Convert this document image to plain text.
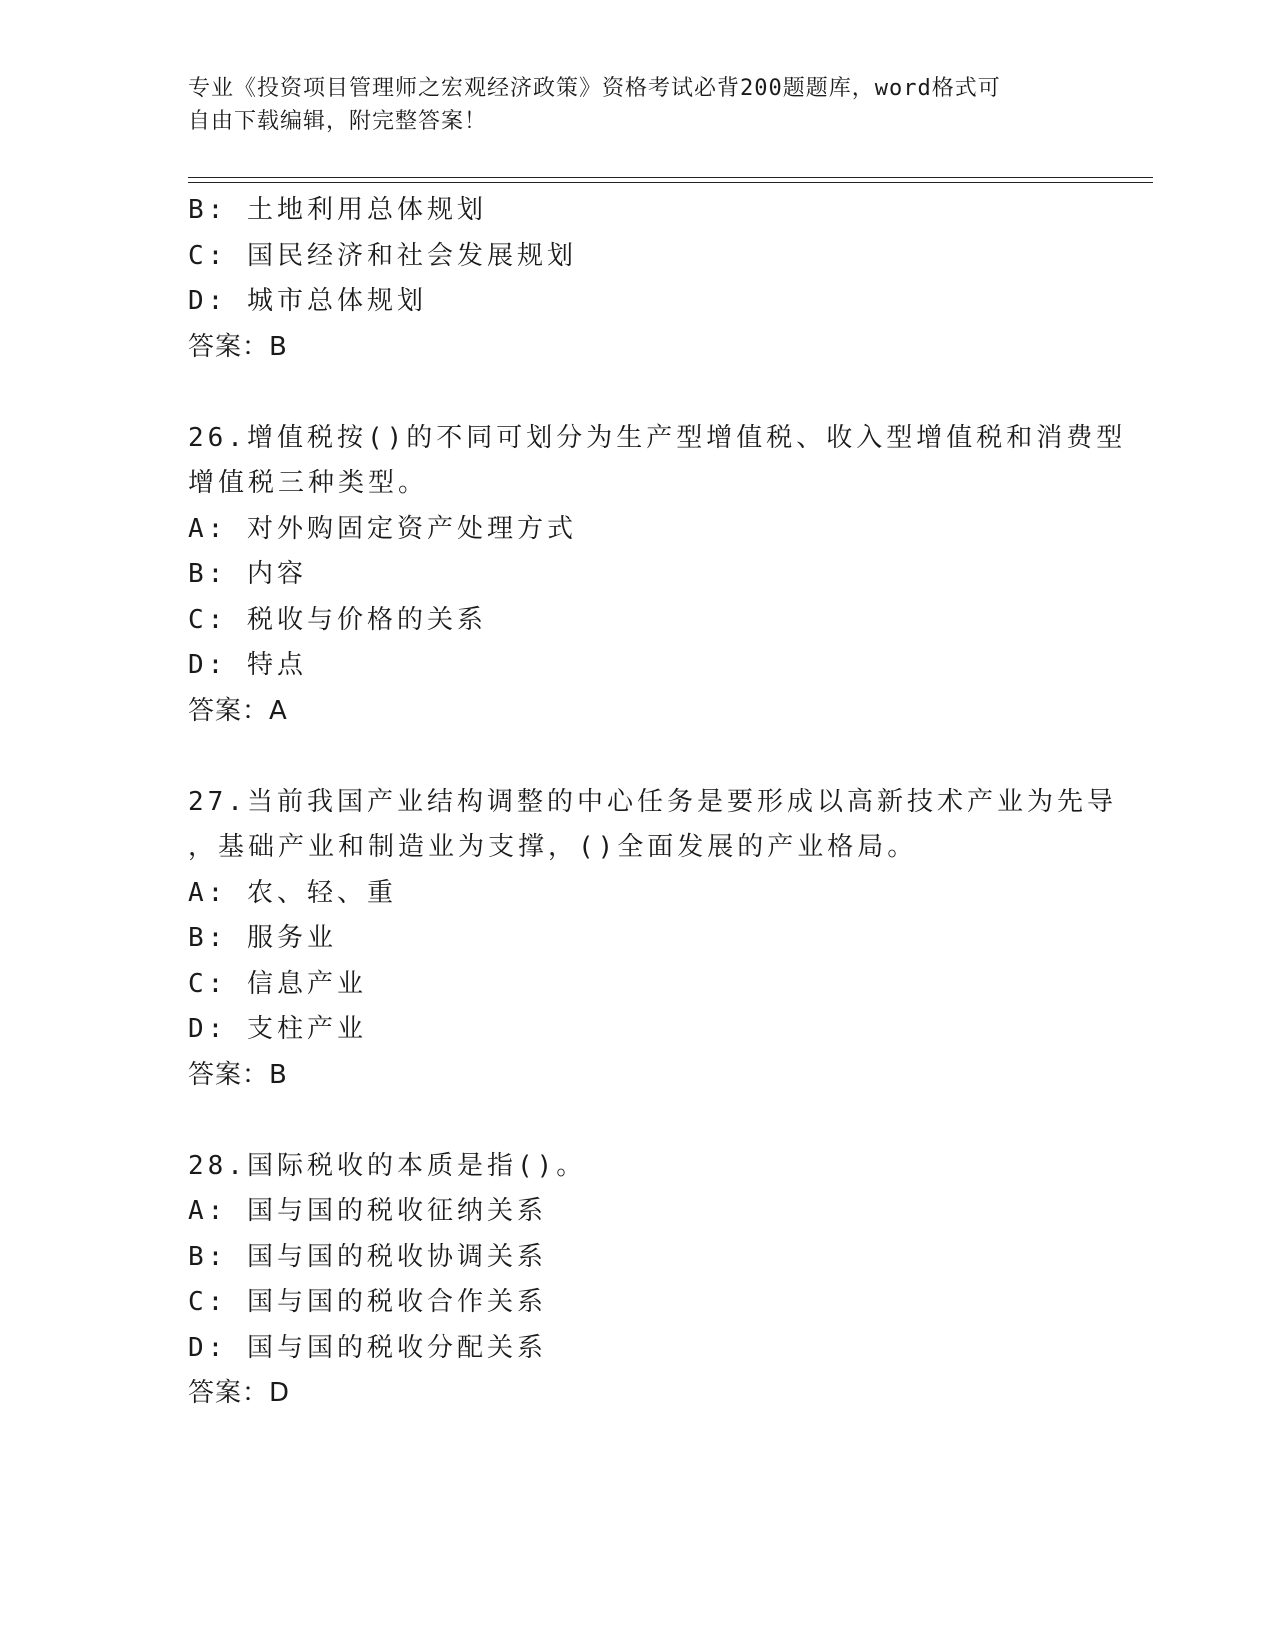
专业《投资项目管理师之宏观经济政策》资格考试必背200题题库，word格式可
自由下载编辑，附完整答案！
B: 土地利用总体规划
C: 国民经济和社会发展规划
D: 城市总体规划
答案：B
26.增值税按()的不同可划分为生产型增值税、收入型增值税和消费型
增值税三种类型。
A: 对外购固定资产处理方式
B: 内容
C: 税收与价格的关系
D: 特点
答案：A
27.当前我国产业结构调整的中心任务是要形成以高新技术产业为先导
，基础产业和制造业为支撑，()全面发展的产业格局。
A: 农、轻、重
B: 服务业
C: 信息产业
D: 支柱产业
答案：B
28.国际税收的本质是指()。
A: 国与国的税收征纳关系
B: 国与国的税收协调关系
C: 国与国的税收合作关系
D: 国与国的税收分配关系
答案：D
